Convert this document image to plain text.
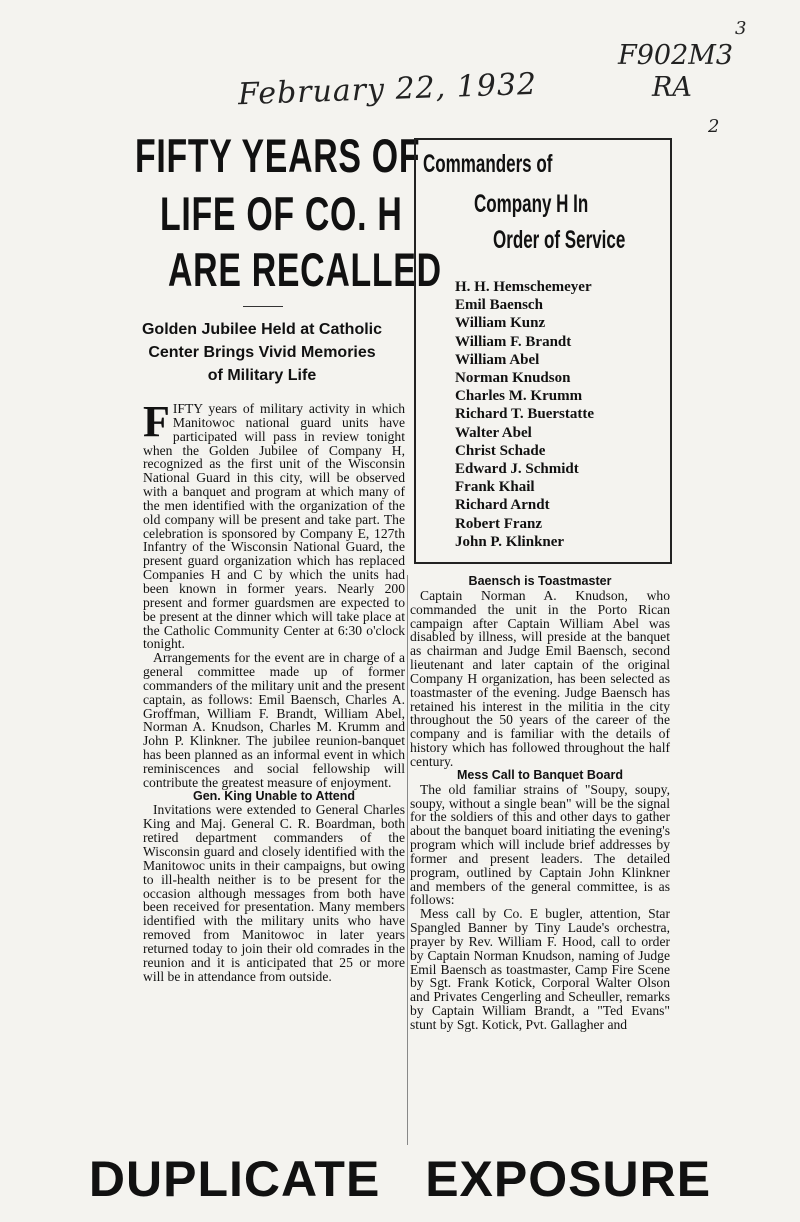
3
F902M3
RA
2
February 22, 1932
FIFTY YEARS OF
LIFE OF CO. H
ARE RECALLED
Golden Jubilee Held at Catholic
Center Brings Vivid Memories
of Military Life

FIFTY years of military activity in which Manitowoc national guard units have participated will pass in review tonight when the Golden Jubilee of Company H, recognized as the first unit of the Wisconsin National Guard in this city, will be observed with a banquet and program at which many of the men identified with the organization of the old company will be present and take part. The celebration is sponsored by Company E, 127th Infantry of the Wisconsin National Guard, the present guard organization which has replaced Companies H and C by which the units had been known in former years. Nearly 200 present and former guardsmen are expected to be present at the dinner which will take place at the Catholic Community Center at 6:30 o'clock tonight.

Arrangements for the event are in charge of a general committee made up of former commanders of the military unit and the present captain, as follows: Emil Baensch, Charles A. Groffman, William F. Brandt, William Abel, Norman A. Knudson, Charles M. Krumm and John P. Klinkner. The jubilee reunion-banquet has been planned as an informal event in which reminiscences and social fellowship will contribute the greatest measure of enjoyment.

Gen. King Unable to Attend

Invitations were extended to General Charles King and Maj. General C. R. Boardman, both retired department commanders of the Wisconsin guard and closely identified with the Manitowoc units in their campaigns, but owing to ill-health neither is to be present for the occasion although messages from both have been received for presentation. Many members identified with the military units who have removed from Manitowoc in later years returned today to join their old comrades in the reunion and it is anticipated that 25 or more will be in attendance from outside.

Commanders of
Company H In
Order of Service
H. H. Hemschemeyer
Emil Baensch
William Kunz
William F. Brandt
William Abel
Norman Knudson
Charles M. Krumm
Richard T. Buerstatte
Walter Abel
Christ Schade
Edward J. Schmidt
Frank Khail
Richard Arndt
Robert Franz
John P. Klinkner

Baensch is Toastmaster

Captain Norman A. Knudson, who commanded the unit in the Porto Rican campaign after Captain William Abel was disabled by illness, will preside at the banquet as chairman and Judge Emil Baensch, second lieutenant and later captain of the original Company H organization, has been selected as toastmaster of the evening. Judge Baensch has retained his interest in the militia in the city throughout the 50 years of the career of the company and is familiar with the details of history which has followed throughout the half century.

Mess Call to Banquet Board

The old familiar strains of "Soupy, soupy, soupy, without a single bean" will be the signal for the soldiers of this and other days to gather about the banquet board initiating the evening's program which will include brief addresses by former and present leaders. The detailed program, outlined by Captain John Klinkner and members of the general committee, is as follows:

Mess call by Co. E bugler, attention, Star Spangled Banner by Tiny Laude's orchestra, prayer by Rev. William F. Hood, call to order by Captain Norman Knudson, naming of Judge Emil Baensch as toastmaster, Camp Fire Scene by Sgt. Frank Kotick, Corporal Walter Olson and Privates Cengerling and Scheuller, remarks by Captain William Brandt, a "Ted Evans" stunt by Sgt. Kotick, Pvt. Gallagher and

DUPLICATE EXPOSURE
